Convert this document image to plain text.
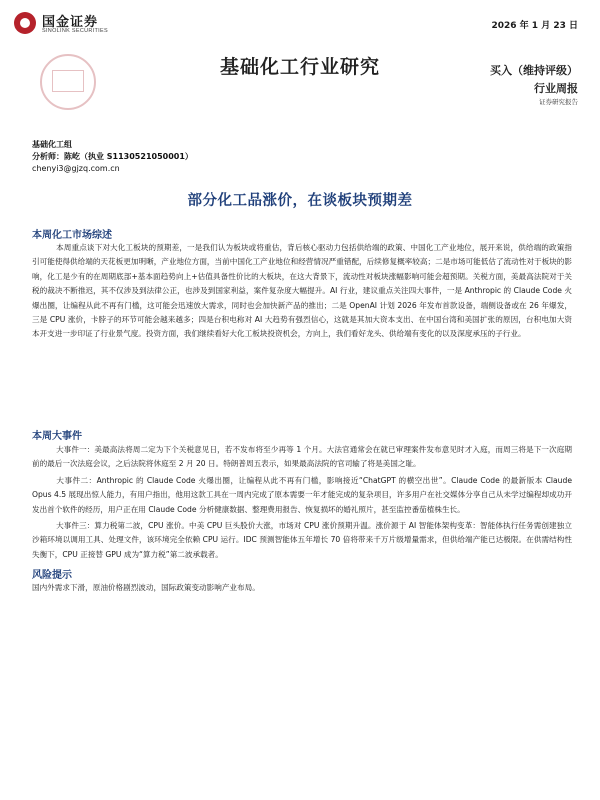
国金证券
SINOLINK SECURITIES	2026 年 1 月 23 日
基础化工行业研究	买入（维持评级）
行业周报
证券研究报告
基础化工组
分析师：陈屹（执业 S1130521050001）
chenyi3@gjzq.com.cn
部分化工品涨价，在谈板块预期差
本周化工市场综述
本周重点谈下对大化工板块的预期差，一是我们认为板块或将重估，背后核心驱动力包括供给端的政策、中国化工产业地位，展开来说，供给端的政策指引可能使得供给端的天花板更加明晰，产业地位方面，当前中国化工产业地位和经营情况严重错配，后续修复概率较高；二是市场可能低估了流动性对于板块的影响，化工是少有的在周期底部+基本面趋势向上+估值具备性价比的大板块，在这大背景下，流动性对板块涨幅影响可能会超预期。关税方面，美最高法院对于关税的裁决不断推迟，其不仅涉及到法律公正，也涉及到国家利益，案件复杂度大幅提升。AI 行业，建议重点关注四大事件，一是 Anthropic 的 Claude Code 火爆出圈，让编程从此不再有门槛，这可能会迅速放大需求，同时也会加快新产品的推出；二是 OpenAI 计划 2026 年发布首款设备，端侧设备或在 26 年爆发，三是 CPU 涨价，卡脖子的环节可能会越来越多；四是台积电称对 AI 大趋势有强烈信心，这就是其加大资本支出、在中国台湾和美国扩张的原因，台积电加大资本开支进一步印证了行业景气度。投资方面，我们继续看好大化工板块投资机会，方向上，我们看好龙头、供给端有变化的以及深度承压的子行业。
本周大事件
大事件一：美最高法将周二定为下个关税意见日，若不发布将至少再等 1 个月。大法官通常会在就已审理案件发布意见时才入庭，而周三将是下一次庭期前的最后一次法庭会议，之后法院将休庭至 2 月 20 日。特朗普周五表示，如果最高法院的官司输了将是美国之耻。
大事件二：Anthropic 的 Claude Code 火爆出圈，让编程从此不再有门槛，影响接近“ChatGPT 的横空出世”。Claude Code 的最新版本 Claude Opus 4.5 展现出惊人能力，有用户指出，他用这款工具在一周内完成了原本需要一年才能完成的复杂项目，许多用户在社交媒体分享自己从未学过编程却成功开发出首个软件的经历，用户正在用 Claude Code 分析健康数据、整理费用报告、恢复损坏的婚礼照片，甚至监控番茄植株生长。
大事件三：算力税第二波，CPU 涨价。中美 CPU 巨头股价大涨，市场对 CPU 涨价预期升温。涨价源于 AI 智能体架构变革：智能体执行任务需创建独立沙箱环境以调用工具、处理文件，该环境完全依赖 CPU 运行。IDC 预测智能体五年增长 70 倍将带来千万片级增量需求，但供给端产能已达极限。在供需结构性失衡下，CPU 正接替 GPU 成为“算力税”第二波承载者。
风险提示
国内外需求下滑，原油价格剧烈波动，国际政策变动影响产业布局。
